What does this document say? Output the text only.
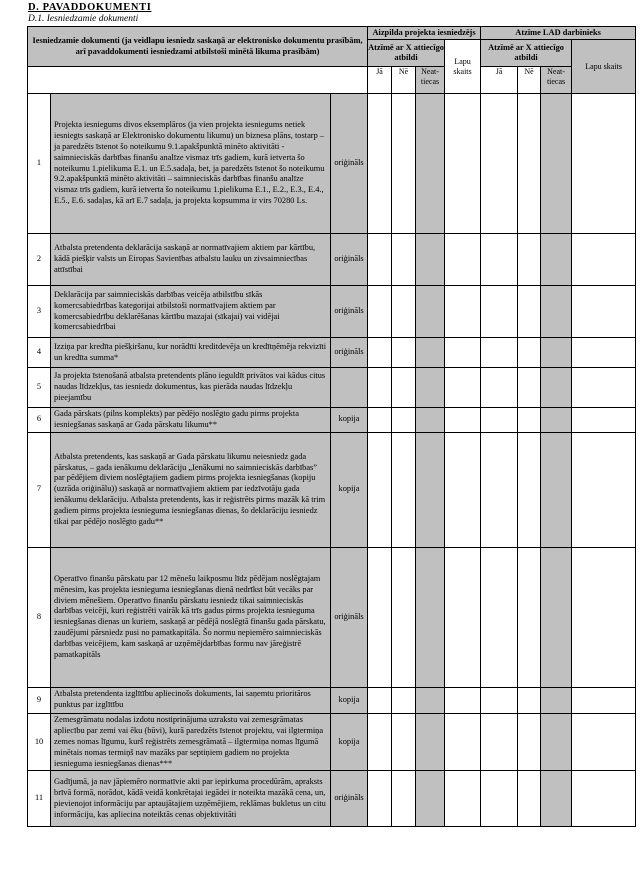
D. PAVADDOKUMENTI
D.1. Iesniedzamie dokumenti
Iesniedzamie dokumenti (ja veidlapu iesniedz saskaņā ar elektronisko dokumentu prasībām, arī pavaddokumenti iesniedzami atbilstoši minētā likuma prasībām)			Aizpilda projekta iesniedzējs				Atzīme LAD darbinieks			
			Atzīmē ar X attiecīgo atbildi			Lapu skaits	Atzīmē ar X attiecīgo atbildi			Lapu skaits
			Jā	Nē	Neat-tiecas		Jā	Nē	Neat-tiecas	
1	Projekta iesniegums divos eksemplāros (ja vien projekta iesniegums netiek iesniegts saskaņā ar Elektronisko dokumentu likumu) un biznesa plāns, tostarp – ja paredzēts īstenot šo noteikumu 9.1.apakšpunktā minēto aktivitāti - saimnieciskās darbības finanšu analīze vismaz trīs gadiem, kurā ietverta šo noteikumu 1.pielikuma E.1. un E.5.sadaļa, bet, ja paredzēts īstenot šo noteikumu 9.2.apakšpunktā minēto aktivitāti – saimnieciskās darbības finanšu analīze vismaz trīs gadiem, kurā ietverta šo noteikumu 1.pielikuma E.1., E.2., E.3., E.4., E.5., E.6. sadaļas, kā arī E.7 sadaļa, ja projekta kopsumma ir virs 70280 Ls.	oriģināls								
2	Atbalsta pretendenta deklarācija saskaņā ar normatīvajiem aktiem par kārtību, kādā piešķir valsts un Eiropas Savienības atbalstu lauku un zivsaimniecības attīstībai	oriģināls								
3	Deklarācija par saimnieciskās darbības veicēja atbilstību sīkās komercsabiedrības kategorijai atbilstoši normatīvajiem aktiem par komercsabiedrību deklarēšanas kārtību mazajai (sīkajai) vai vidējai komercsabiedrībai	oriģināls								
4	Izziņa par kredīta piešķiršanu, kur norādīti kreditdevēja un kredītņēmēja rekvizīti un kredīta summa*	oriģināls								
5	Ja projekta īstenošanā atbalsta pretendents plāno ieguldīt privātos vai kādus citus naudas līdzekļus, tas iesniedz dokumentus, kas pierāda naudas līdzekļu pieejamību									
6	Gada pārskats (pilns komplekts) par pēdējo noslēgto gadu pirms projekta iesniegšanas saskaņā ar Gada pārskatu likumu**	kopija								
7	Atbalsta pretendents, kas saskaņā ar Gada pārskatu likumu neiesniedz gada pārskatus, – gada ienākumu deklarāciju „Ienākumi no saimnieciskās darbības” par pēdējiem diviem noslēgtajiem gadiem pirms projekta iesniegšanas (kopiju (uzrāda oriģinālu)) saskaņā ar normatīvajiem aktiem par iedzīvotāju gada ienākumu deklarāciju. Atbalsta pretendents, kas ir reģistrēts pirms mazāk kā trim gadiem pirms projekta iesnieguma iesniegšanas dienas, šo deklarāciju iesniedz tikai par pēdējo noslēgto gadu**	kopija								
8	Operatīvo finanšu pārskatu par 12 mēnešu laikposmu līdz pēdējam noslēgtajam mēnesim, kas projekta iesnieguma iesniegšanas dienā nedrīkst būt vecāks par diviem mēnešiem. Operatīvo finanšu pārskatu iesniedz tikai saimnieciskās darbības veicēji, kuri reģistrēti vairāk kā trīs gadus pirms projekta iesnieguma iesniegšanas dienas un kuriem, saskaņā ar pēdējā noslēgtā finanšu gada pārskatu, zaudējumi pārsniedz pusi no pamatkapitāla. Šo normu nepiemēro saimnieciskās darbības veicējiem, kam saskaņā ar uzņēmējdarbības formu nav jāreģistrē pamatkapitāls	oriģināls								
9	Atbalsta pretendenta izglītību apliecinošs dokuments, lai saņemtu prioritāros punktus par izglītību	kopija								
10	Zemesgrāmatu nodalas izdotu nostiprinājuma uzrakstu vai zemesgrāmatas apliecību par zemi vai ēku (būvi), kurā paredzēts īstenot projektu, vai ilgtermiņa zemes nomas līgumu, kurš reģistrēts zemesgrāmatā – ilgtermiņa nomas līgumā minētais nomas termiņš nav mazāks par septiņiem gadiem no projekta iesnieguma iesniegšanas dienas***	kopija								
11	Gadījumā, ja nav jāpiemēro normatīvie akti par iepirkuma procedūrām, apraksts brīvā formā, norādot, kādā veidā konkrētajai iegādei ir noteikta mazākā cena, un, pievienojot informāciju par aptaujātajiem uzņēmējiem, reklāmas bukletus un citu informāciju, kas apliecina noteiktās cenas objektivitāti	oriģināls								
